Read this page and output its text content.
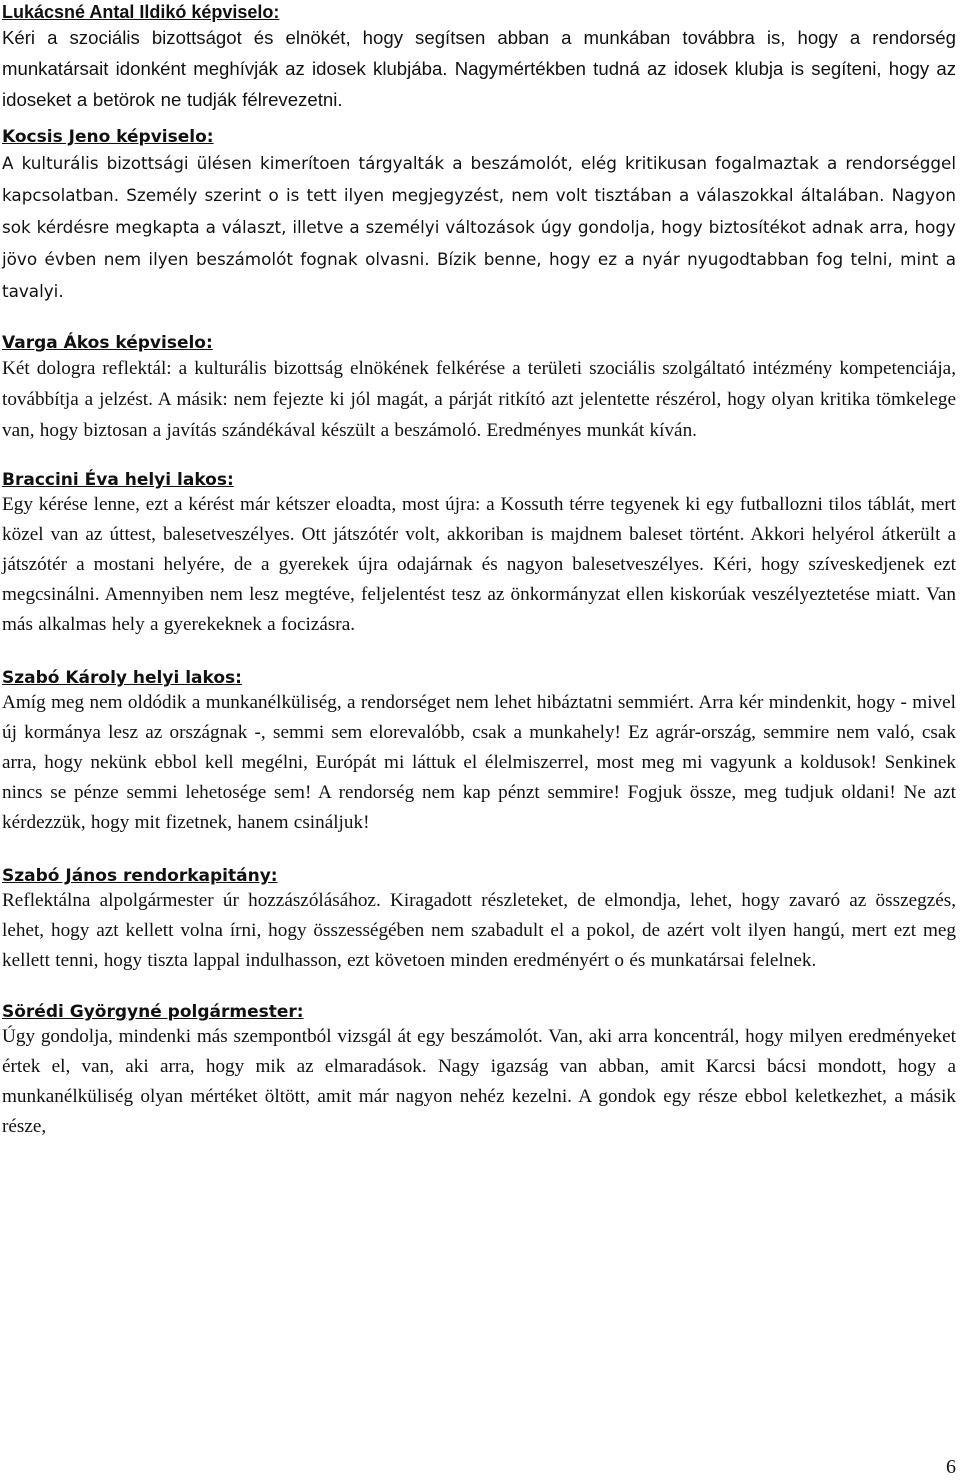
Lukácsné Antal Ildikó képviselo:

Kéri a szociális bizottságot és elnökét, hogy segítsen abban a munkában továbbra is, hogy a rendorség munkatársait idonként meghívják az idosek klubjába. Nagymértékben tudná az idosek klubja is segíteni, hogy az idoseket a betörok ne tudják félrevezetni.

Kocsis Jeno képviselo:

A kulturális bizottsági ülésen kimerítoen tárgyalták a beszámolót, elég kritikusan fogalmaztak a rendorséggel kapcsolatban. Személy szerint o is tett ilyen megjegyzést, nem volt tisztában a válaszokkal általában. Nagyon sok kérdésre megkapta a választ, illetve a személyi változások úgy gondolja, hogy biztosítékot adnak arra, hogy jövo évben nem ilyen beszámolót fognak olvasni. Bízik benne, hogy ez a nyár nyugodtabban fog telni, mint a tavalyi.

Varga Ákos képviselo:

Két dologra reflektál: a kulturális bizottság elnökének felkérése a területi szociális szolgáltató intézmény kompetenciája, továbbítja a jelzést. A másik: nem fejezte ki jól magát, a párját ritkító azt jelentette részérol, hogy olyan kritika tömkelege van, hogy biztosan a javítás szándékával készült a beszámoló. Eredményes munkát kíván.

Braccini Éva helyi lakos:

Egy kérése lenne, ezt a kérést már kétszer eloadta, most újra: a Kossuth térre tegyenek ki egy futballozni tilos táblát, mert közel van az úttest, balesetveszélyes. Ott játszótér volt, akkoriban is majdnem baleset történt. Akkori helyérol átkerült a játszótér a mostani helyére, de a gyerekek újra odajárnak és nagyon balesetveszélyes. Kéri, hogy szíveskedjenek ezt megcsinálni. Amennyiben nem lesz megtéve, feljelentést tesz az önkormányzat ellen kiskorúak veszélyeztetése miatt. Van más alkalmas hely a gyerekeknek a focizásra.

Szabó Károly helyi lakos:

Amíg meg nem oldódik a munkanélküliség, a rendorséget nem lehet hibáztatni semmiért. Arra kér mindenkit, hogy - mivel új kormánya lesz az országnak -, semmi sem elorevalóbb, csak a munkahely! Ez agrár-ország, semmire nem való, csak arra, hogy nekünk ebbol kell megélni, Európát mi láttuk el élelmiszerrel, most meg mi vagyunk a koldusok! Senkinek nincs se pénze semmi lehetosége sem! A rendorség nem kap pénzt semmire! Fogjuk össze, meg tudjuk oldani! Ne azt kérdezzük, hogy mit fizetnek, hanem csináljuk!

Szabó János rendorkapitány:

Reflektálna alpolgármester úr hozzászólásához. Kiragadott részleteket, de elmondja, lehet, hogy zavaró az összegzés, lehet, hogy azt kellett volna írni, hogy összességében nem szabadult el a pokol, de azért volt ilyen hangú, mert ezt meg kellett tenni, hogy tiszta lappal indulhasson, ezt követoen minden eredményért o és munkatársai felelnek.

Sörédi Györgyné polgármester:

Úgy gondolja, mindenki más szempontból vizsgál át egy beszámolót. Van, aki arra koncentrál, hogy milyen eredményeket értek el, van, aki arra, hogy mik az elmaradások. Nagy igazság van abban, amit Karcsi bácsi mondott, hogy a munkanélküliség olyan mértéket öltött, amit már nagyon nehéz kezelni. A gondok egy része ebbol keletkezhet, a másik része,

6
